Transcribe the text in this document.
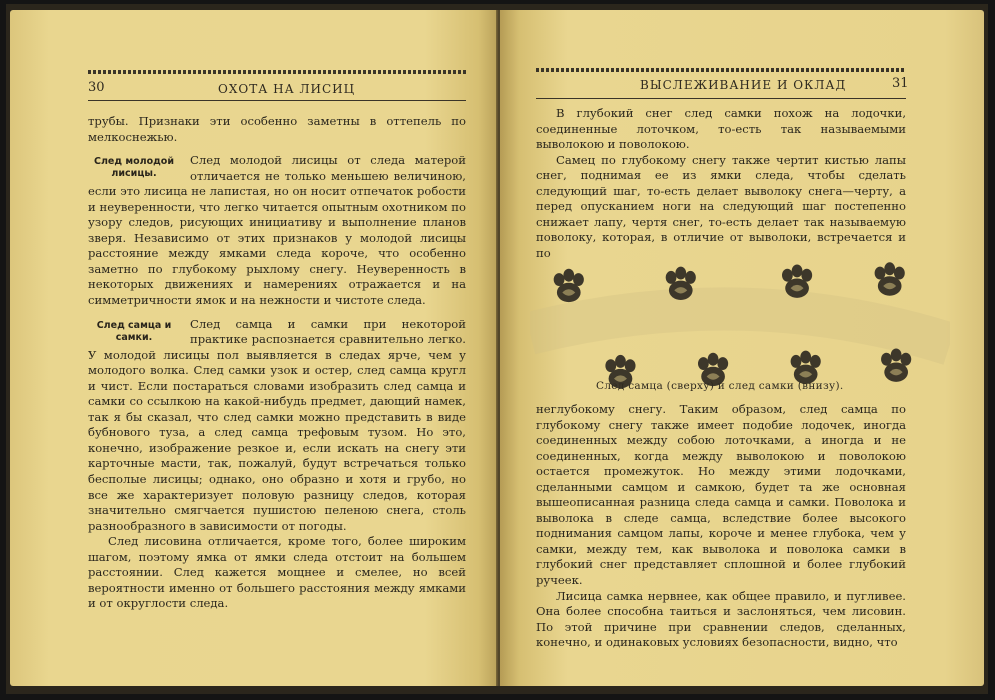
30	ОХОТА НА ЛИСИЦ

трубы. Признаки эти особенно заметны в оттепель по мелкоснежью.

След молодой лисицы.
След молодой лисицы от следа матерой отличается не только меньшею величиною, если это лисица не лапистая, но он носит отпечаток робости и неуверенности, что легко читается опытным охотником по узору следов, рисующих инициативу и выполнение планов зверя. Независимо от этих признаков у молодой лисицы расстояние между ямками следа короче, что особенно заметно по глубокому рыхлому снегу. Неуверенность в некоторых движениях и намерениях отражается и на симметричности ямок и на нежности и чистоте следа.

След самца и самки.
След самца и самки при некоторой практике распознается сравнительно легко. У молодой лисицы пол выявляется в следах ярче, чем у молодого волка. След самки узок и остер, след самца кругл и чист. Если постараться словами изобразить след самца и самки со ссылкою на какой-нибудь предмет, дающий намек, так я бы сказал, что след самки можно представить в виде бубнового туза, а след самца трефовым тузом. Но это, конечно, изображение резкое и, если искать на снегу эти карточные масти, так, пожалуй, будут встречаться только бесполые лисицы; однако, оно образно и хотя и грубо, но все же характеризует половую разницу следов, которая значительно смягчается пушистою пеленою снега, столь разнообразного в зависимости от погоды.

След лисовина отличается, кроме того, более широким шагом, поэтому ямка от ямки следа отстоит на большем расстоянии. След кажется мощнее и смелее, но всей вероятности именно от большего расстояния между ямками и от округлости следа.

ВЫСЛЕЖИВАНИЕ И ОКЛАД	31

В глубокий снег след самки похож на лодочки, соединенные лоточком, то-есть так называемыми выволокою и поволокою.

Самец по глубокому снегу также чертит кистью лапы снег, поднимая ее из ямки следа, чтобы сделать следующий шаг, то-есть делает выволоку снега—черту, а перед опусканием ноги на следующий шаг постепенно снижает лапу, чертя снег, то-есть делает так называемую поволоку, которая, в отличие от выволоки, встречается и по

След самца (сверху) и след самки (внизу).

неглубокому снегу. Таким образом, след самца по глубокому снегу также имеет подобие лодочек, иногда соединенных между собою лоточками, а иногда и не соединенных, когда между выволокою и поволокою остается промежуток. Но между этими лодочками, сделанными самцом и самкою, будет та же основная вышеописанная разница следа самца и самки. Поволока и выволока в следе самца, вследствие более высокого поднимания самцом лапы, короче и менее глубока, чем у самки, между тем, как выволока и поволока самки в глубокий снег представляет сплошной и более глубокий ручеек.

Лисица самка нервнее, как общее правило, и пугливее. Она более способна таиться и заслоняться, чем лисовин. По этой причине при сравнении следов, сделанных, конечно, и одинаковых условиях безопасности, видно, что
